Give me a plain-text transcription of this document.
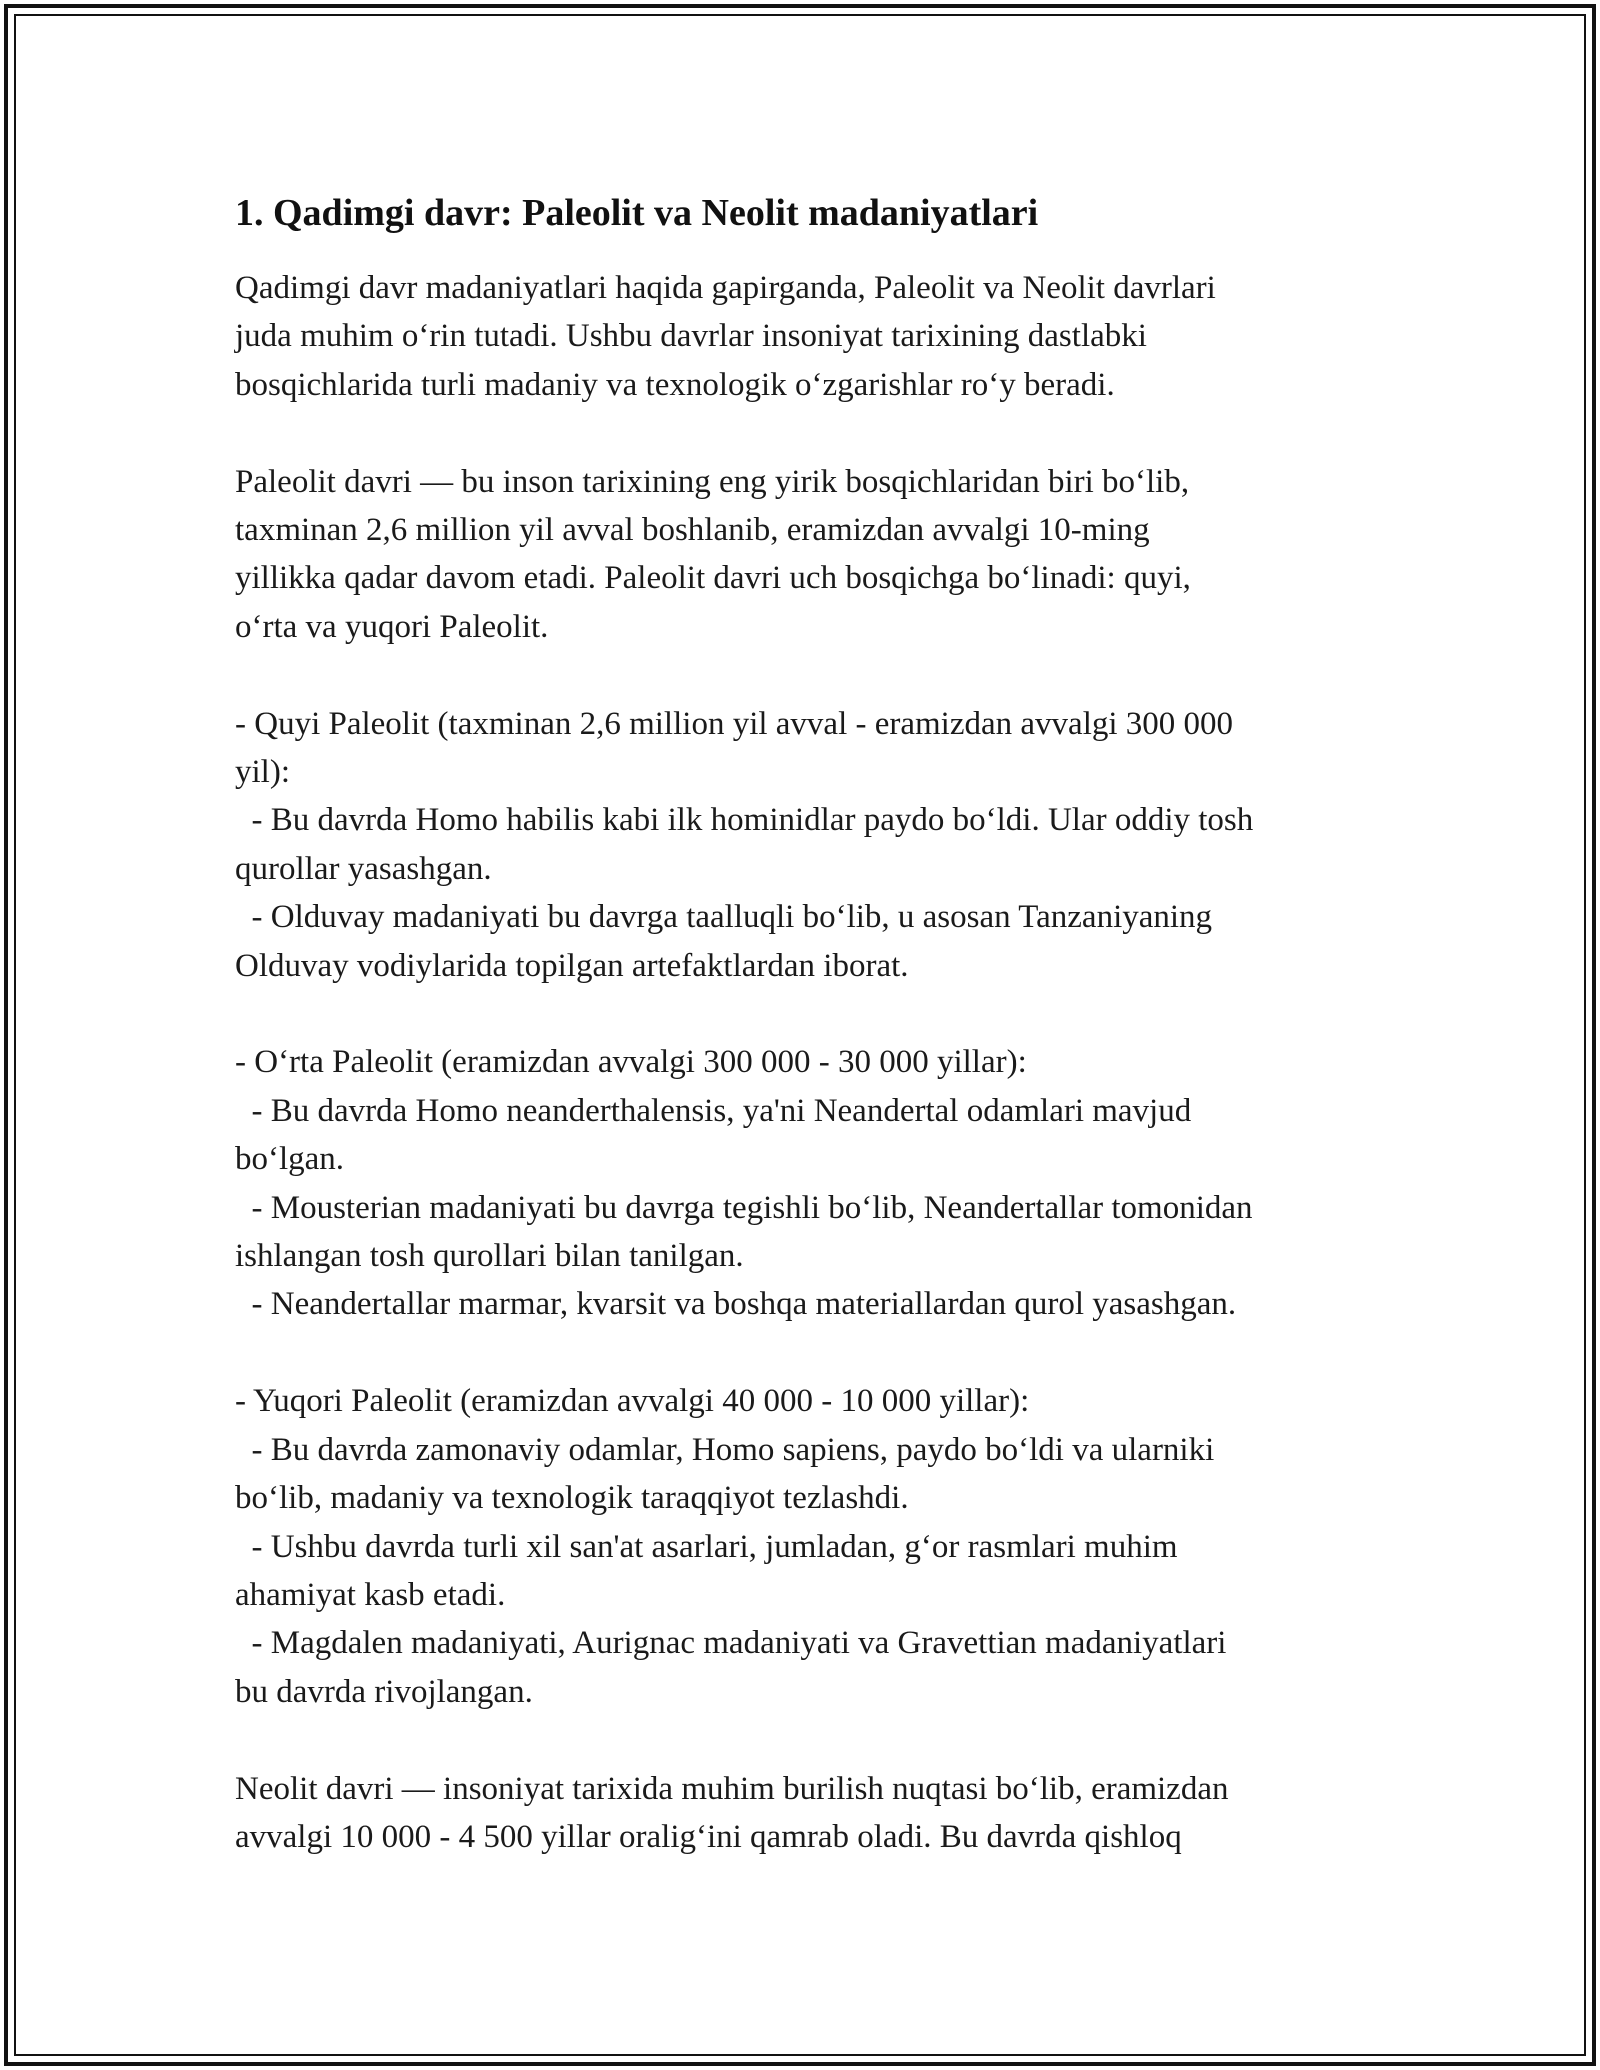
1. Qadimgi davr: Paleolit va Neolit madaniyatlari

Qadimgi davr madaniyatlari haqida gapirganda, Paleolit va Neolit davrlari
juda muhim o‘rin tutadi. Ushbu davrlar insoniyat tarixining dastlabki
bosqichlarida turli madaniy va texnologik o‘zgarishlar ro‘y beradi.

Paleolit davri — bu inson tarixining eng yirik bosqichlaridan biri bo‘lib,
taxminan 2,6 million yil avval boshlanib, eramizdan avvalgi 10-ming
yillikka qadar davom etadi. Paleolit davri uch bosqichga bo‘linadi: quyi,
o‘rta va yuqori Paleolit.

- Quyi Paleolit (taxminan 2,6 million yil avval - eramizdan avvalgi 300 000
yil):
- Bu davrda Homo habilis kabi ilk hominidlar paydo bo‘ldi. Ular oddiy tosh
qurollar yasashgan.
- Olduvay madaniyati bu davrga taalluqli bo‘lib, u asosan Tanzaniyaning
Olduvay vodiylarida topilgan artefaktlardan iborat.

- O‘rta Paleolit (eramizdan avvalgi 300 000 - 30 000 yillar):
- Bu davrda Homo neanderthalensis, ya'ni Neandertal odamlari mavjud
bo‘lgan.
- Mousterian madaniyati bu davrga tegishli bo‘lib, Neandertallar tomonidan
ishlangan tosh qurollari bilan tanilgan.
- Neandertallar marmar, kvarsit va boshqa materiallardan qurol yasashgan.

- Yuqori Paleolit (eramizdan avvalgi 40 000 - 10 000 yillar):
- Bu davrda zamonaviy odamlar, Homo sapiens, paydo bo‘ldi va ularniki
bo‘lib, madaniy va texnologik taraqqiyot tezlashdi.
- Ushbu davrda turli xil san'at asarlari, jumladan, g‘or rasmlari muhim
ahamiyat kasb etadi.
- Magdalen madaniyati, Aurignac madaniyati va Gravettian madaniyatlari
bu davrda rivojlangan.

Neolit davri — insoniyat tarixida muhim burilish nuqtasi bo‘lib, eramizdan
avvalgi 10 000 - 4 500 yillar oralig‘ini qamrab oladi. Bu davrda qishloq
